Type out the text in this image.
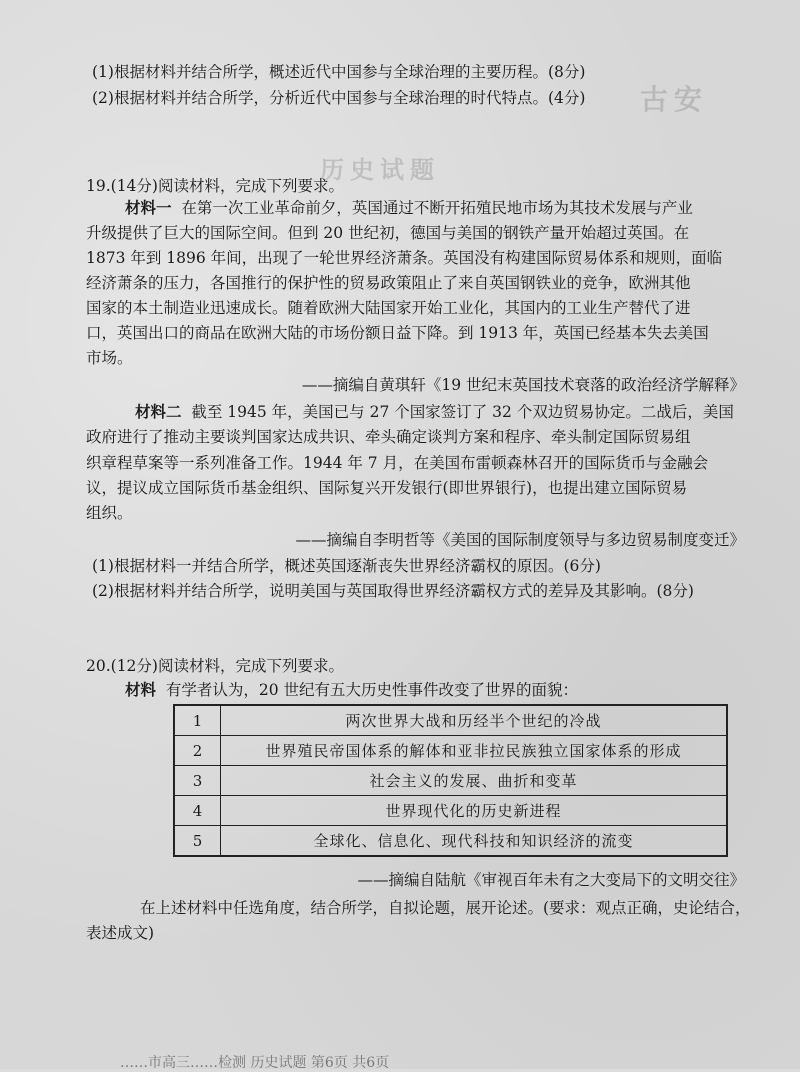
古安
历史试题
(1)根据材料并结合所学，概述近代中国参与全球治理的主要历程。(8分)
(2)根据材料并结合所学，分析近代中国参与全球治理的时代特点。(4分)
19.(14分)阅读材料，完成下列要求。
材料一 在第一次工业革命前夕，英国通过不断开拓殖民地市场为其技术发展与产业
升级提供了巨大的国际空间。但到 20 世纪初，德国与美国的钢铁产量开始超过英国。在
1873 年到 1896 年间，出现了一轮世界经济萧条。英国没有构建国际贸易体系和规则，面临
经济萧条的压力，各国推行的保护性的贸易政策阻止了来自英国钢铁业的竞争，欧洲其他
国家的本土制造业迅速成长。随着欧洲大陆国家开始工业化，其国内的工业生产替代了进
口，英国出口的商品在欧洲大陆的市场份额日益下降。到 1913 年，英国已经基本失去美国
市场。
——摘编自黄琪轩《19 世纪末英国技术衰落的政治经济学解释》
材料二 截至 1945 年，美国已与 27 个国家签订了 32 个双边贸易协定。二战后，美国
政府进行了推动主要谈判国家达成共识、牵头确定谈判方案和程序、牵头制定国际贸易组
织章程草案等一系列准备工作。1944 年 7 月，在美国布雷顿森林召开的国际货币与金融会
议，提议成立国际货币基金组织、国际复兴开发银行(即世界银行)，也提出建立国际贸易
组织。
——摘编自李明哲等《美国的国际制度领导与多边贸易制度变迁》
(1)根据材料一并结合所学，概述英国逐渐丧失世界经济霸权的原因。(6分)
(2)根据材料并结合所学，说明美国与英国取得世界经济霸权方式的差异及其影响。(8分)
20.(12分)阅读材料，完成下列要求。
材料 有学者认为，20 世纪有五大历史性事件改变了世界的面貌：
1	两次世界大战和历经半个世纪的冷战
2	世界殖民帝国体系的解体和亚非拉民族独立国家体系的形成
3	社会主义的发展、曲折和变革
4	世界现代化的历史新进程
5	全球化、信息化、现代科技和知识经济的流变
——摘编自陆航《审视百年未有之大变局下的文明交往》
在上述材料中任选角度，结合所学，自拟论题，展开论述。(要求：观点正确，史论结合，
表述成文)
……市高三……检测 历史试题 第6页 共6页
